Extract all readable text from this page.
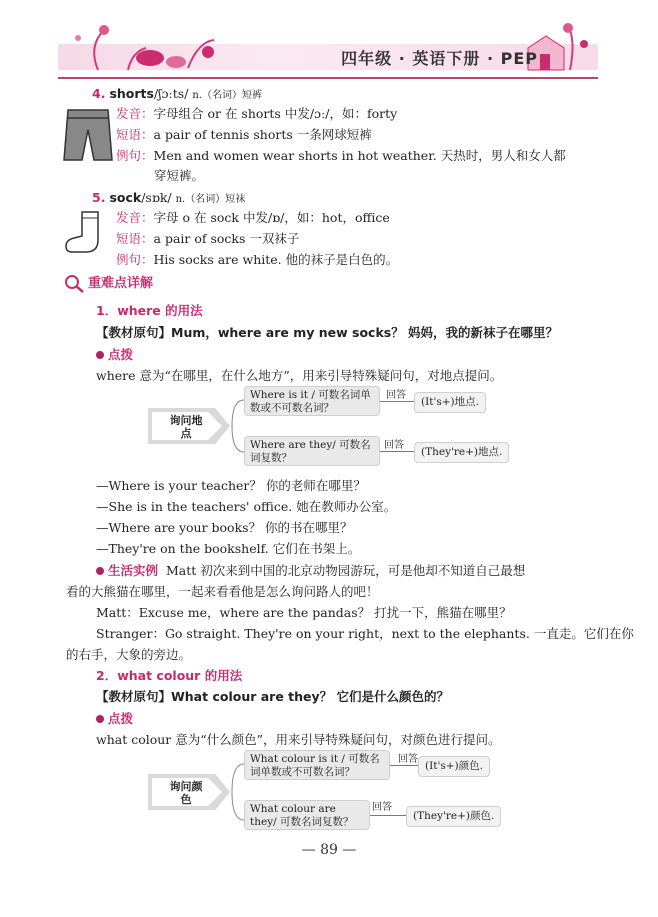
四年级 · 英语下册 · PEP
4. shorts/ʃɔːts/ n.（名词）短裤
发音：字母组合 or 在 shorts 中发/ɔː/，如：forty
短语：a pair of tennis shorts 一条网球短裤
例句：Men and women wear shorts in hot weather. 天热时，男人和女人都
穿短裤。
5. sock/sɒk/ n.（名词）短袜
发音：字母 o 在 sock 中发/ɒ/，如：hot，office
短语：a pair of socks 一双袜子
例句：His socks are white. 他的袜子是白色的。
重难点详解
1．where 的用法
【教材原句】Mum，where are my new socks？ 妈妈，我的新袜子在哪里？
点拨
where 意为“在哪里，在什么地方”，用来引导特殊疑问句，对地点提问。
询问地点
Where is it / 可数名词单数或不可数名词？
回答
(It's+)地点.
Where are they/ 可数名词复数？
回答
(They're+)地点.
—Where is your teacher？ 你的老师在哪里？
—She is in the teachers' office. 她在教师办公室。
—Where are your books？ 你的书在哪里？
—They're on the bookshelf. 它们在书架上。
生活实例 Matt 初次来到中国的北京动物园游玩，可是他却不知道自己最想
看的大熊猫在哪里，一起来看看他是怎么询问路人的吧！
Matt：Excuse me，where are the pandas？ 打扰一下，熊猫在哪里？
Stranger：Go straight. They're on your right，next to the elephants. 一直走。它们在你
的右手，大象的旁边。
2．what colour 的用法
【教材原句】What colour are they？ 它们是什么颜色的？
点拨
what colour 意为“什么颜色”，用来引导特殊疑问句，对颜色进行提问。
询问颜色
What colour is it / 可数名词单数或不可数名词？
回答
(It's+)颜色.
What colour are they/ 可数名词复数？
回答
(They're+)颜色.
— 89 —
